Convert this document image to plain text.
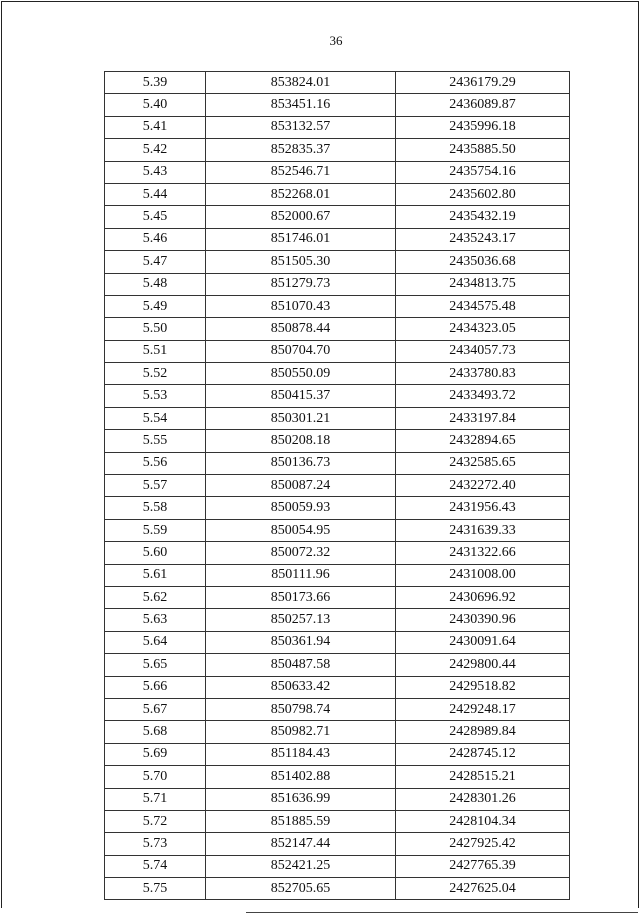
36
5.39	853824.01	2436179.29
5.40	853451.16	2436089.87
5.41	853132.57	2435996.18
5.42	852835.37	2435885.50
5.43	852546.71	2435754.16
5.44	852268.01	2435602.80
5.45	852000.67	2435432.19
5.46	851746.01	2435243.17
5.47	851505.30	2435036.68
5.48	851279.73	2434813.75
5.49	851070.43	2434575.48
5.50	850878.44	2434323.05
5.51	850704.70	2434057.73
5.52	850550.09	2433780.83
5.53	850415.37	2433493.72
5.54	850301.21	2433197.84
5.55	850208.18	2432894.65
5.56	850136.73	2432585.65
5.57	850087.24	2432272.40
5.58	850059.93	2431956.43
5.59	850054.95	2431639.33
5.60	850072.32	2431322.66
5.61	850111.96	2431008.00
5.62	850173.66	2430696.92
5.63	850257.13	2430390.96
5.64	850361.94	2430091.64
5.65	850487.58	2429800.44
5.66	850633.42	2429518.82
5.67	850798.74	2429248.17
5.68	850982.71	2428989.84
5.69	851184.43	2428745.12
5.70	851402.88	2428515.21
5.71	851636.99	2428301.26
5.72	851885.59	2428104.34
5.73	852147.44	2427925.42
5.74	852421.25	2427765.39
5.75	852705.65	2427625.04
